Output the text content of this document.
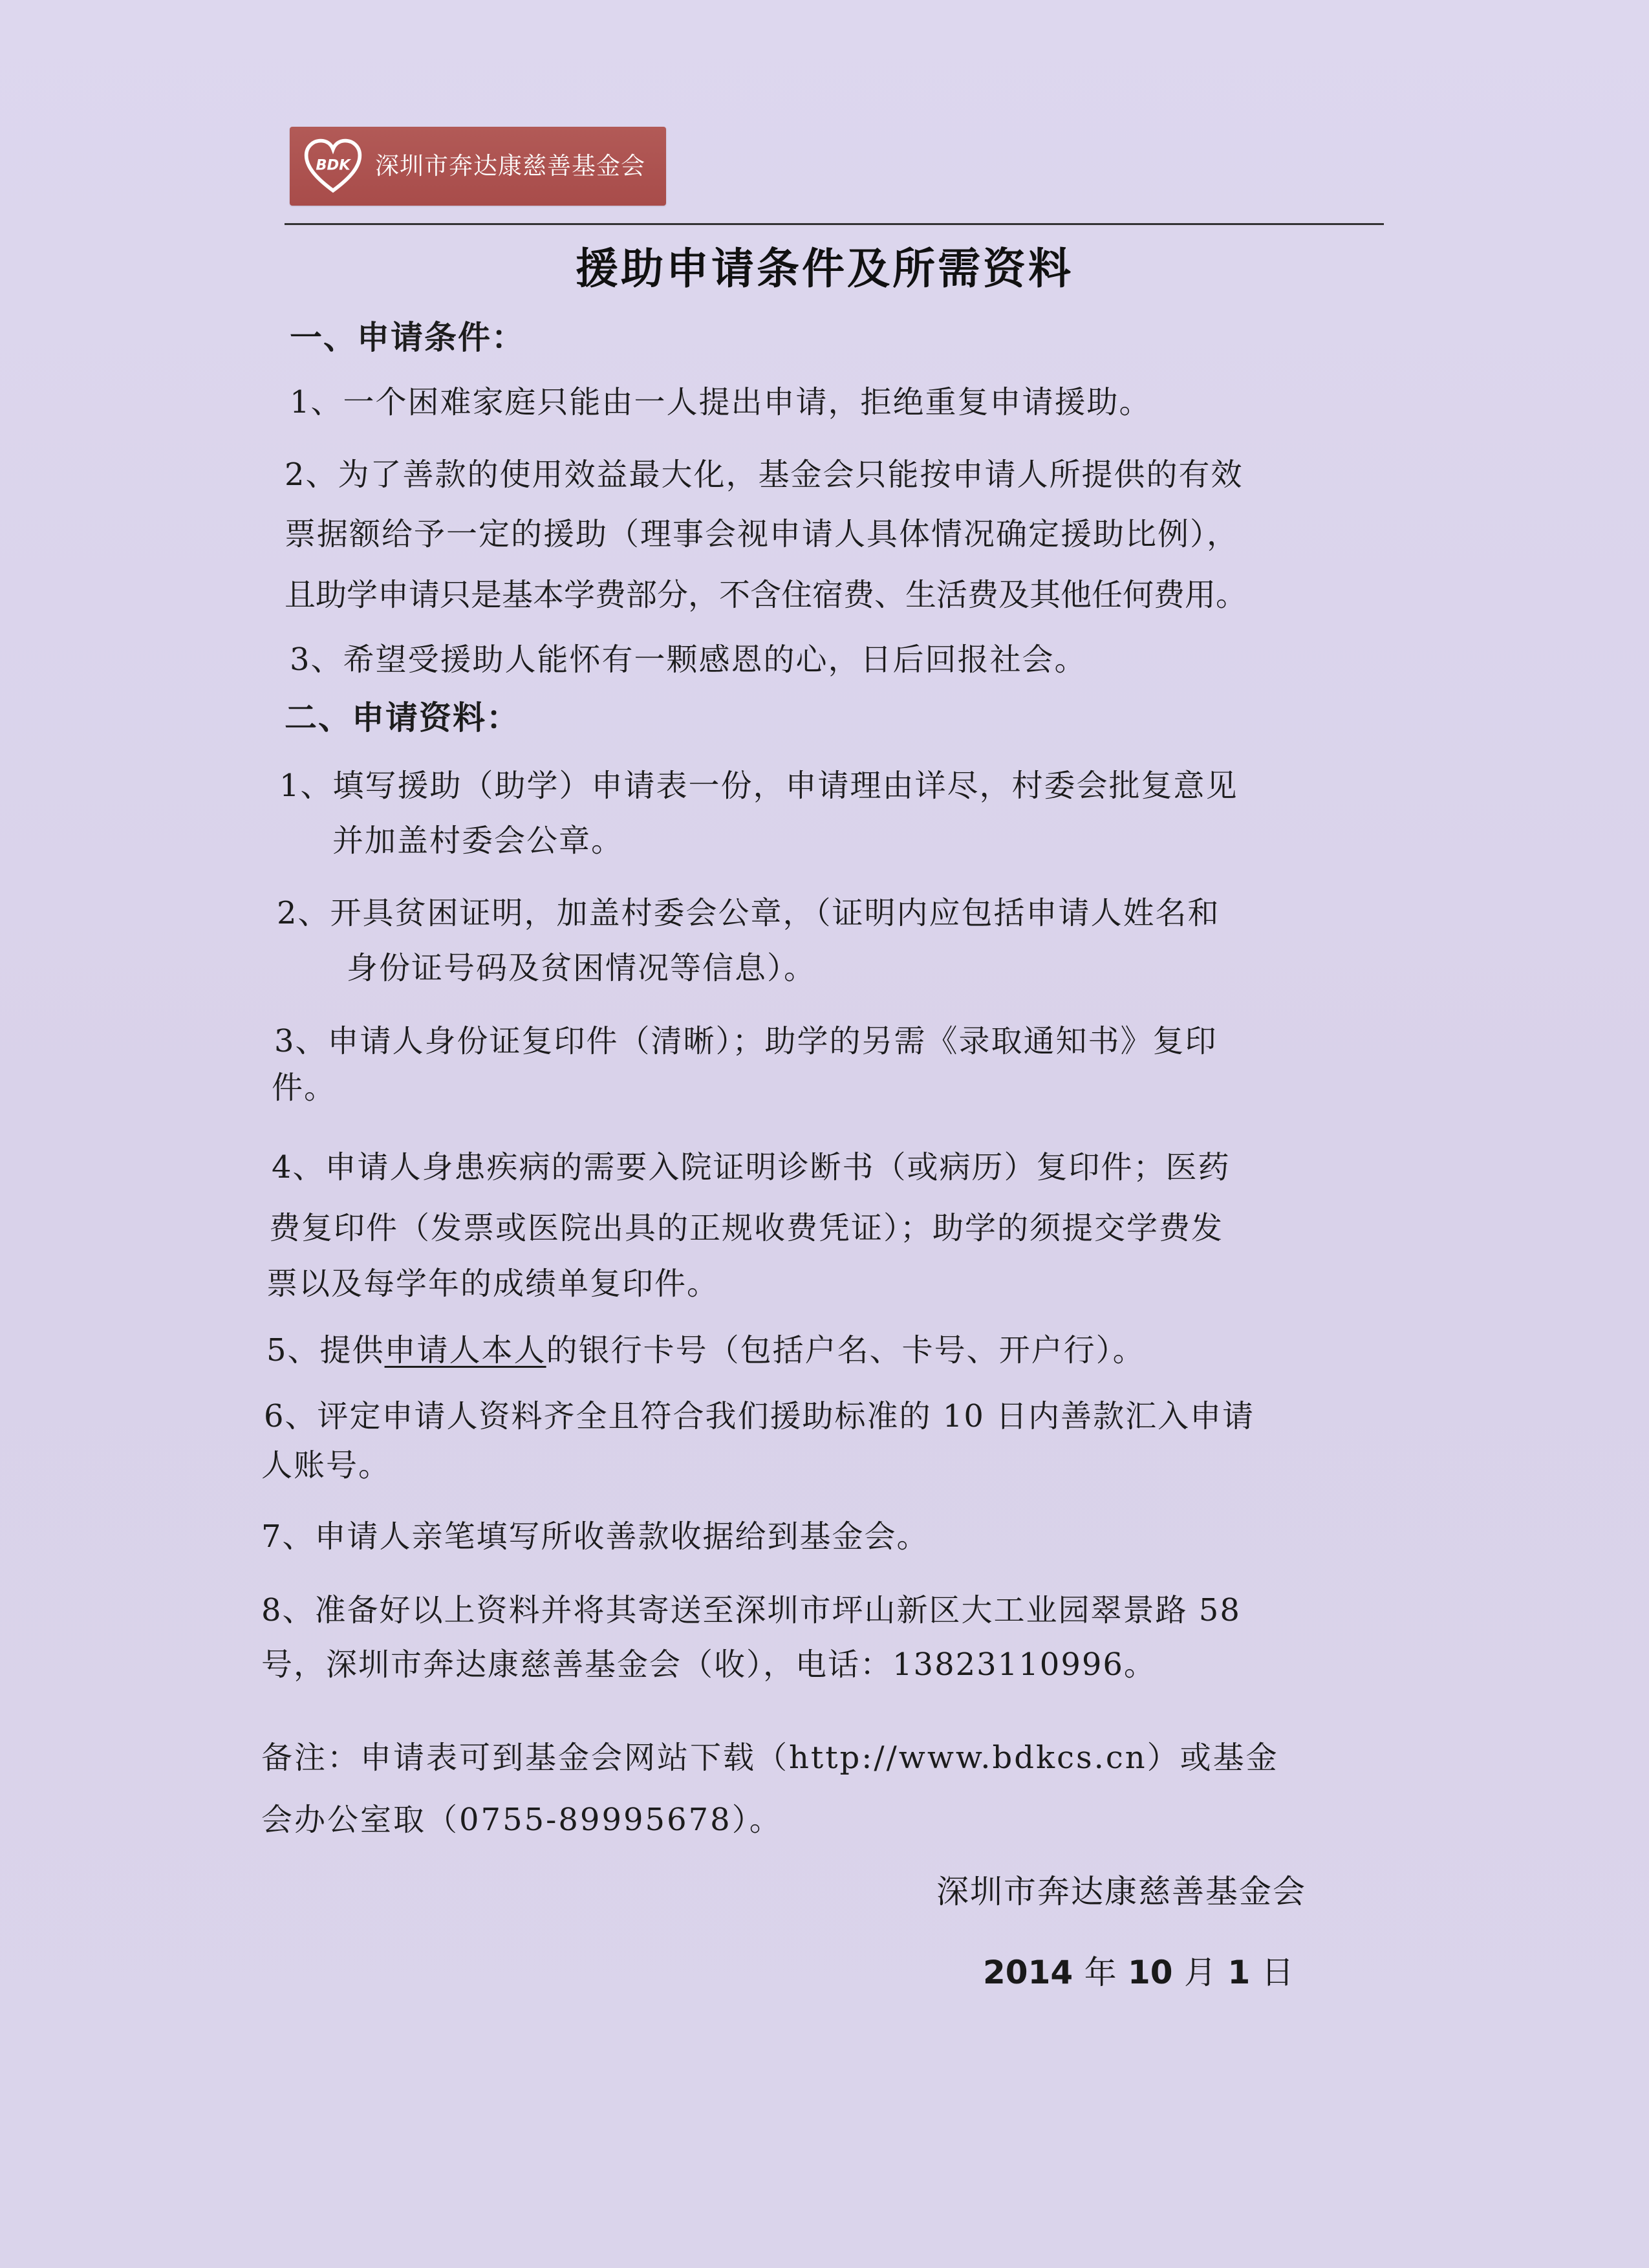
BDK 深圳市奔达康慈善基金会
援助申请条件及所需资料
一、申请条件：
1、一个困难家庭只能由一人提出申请，拒绝重复申请援助。
2、为了善款的使用效益最大化，基金会只能按申请人所提供的有效
票据额给予一定的援助（理事会视申请人具体情况确定援助比例），
且助学申请只是基本学费部分，不含住宿费、生活费及其他任何费用。
3、希望受援助人能怀有一颗感恩的心，日后回报社会。
二、申请资料：
1、填写援助（助学）申请表一份，申请理由详尽，村委会批复意见
并加盖村委会公章。
2、开具贫困证明，加盖村委会公章，（证明内应包括申请人姓名和
身份证号码及贫困情况等信息）。
3、申请人身份证复印件（清晰）；助学的另需《录取通知书》复印
件。
4、申请人身患疾病的需要入院证明诊断书（或病历）复印件；医药
费复印件（发票或医院出具的正规收费凭证）；助学的须提交学费发
票以及每学年的成绩单复印件。
5、提供申请人本人的银行卡号（包括户名、卡号、开户行）。
6、评定申请人资料齐全且符合我们援助标准的 10 日内善款汇入申请
人账号。
7、申请人亲笔填写所收善款收据给到基金会。
8、准备好以上资料并将其寄送至深圳市坪山新区大工业园翠景路 58
号，深圳市奔达康慈善基金会（收），电话：13823110996。
备注：申请表可到基金会网站下载（http://www.bdkcs.cn）或基金
会办公室取（0755-89995678）。
深圳市奔达康慈善基金会
2014 年 10 月 1 日
